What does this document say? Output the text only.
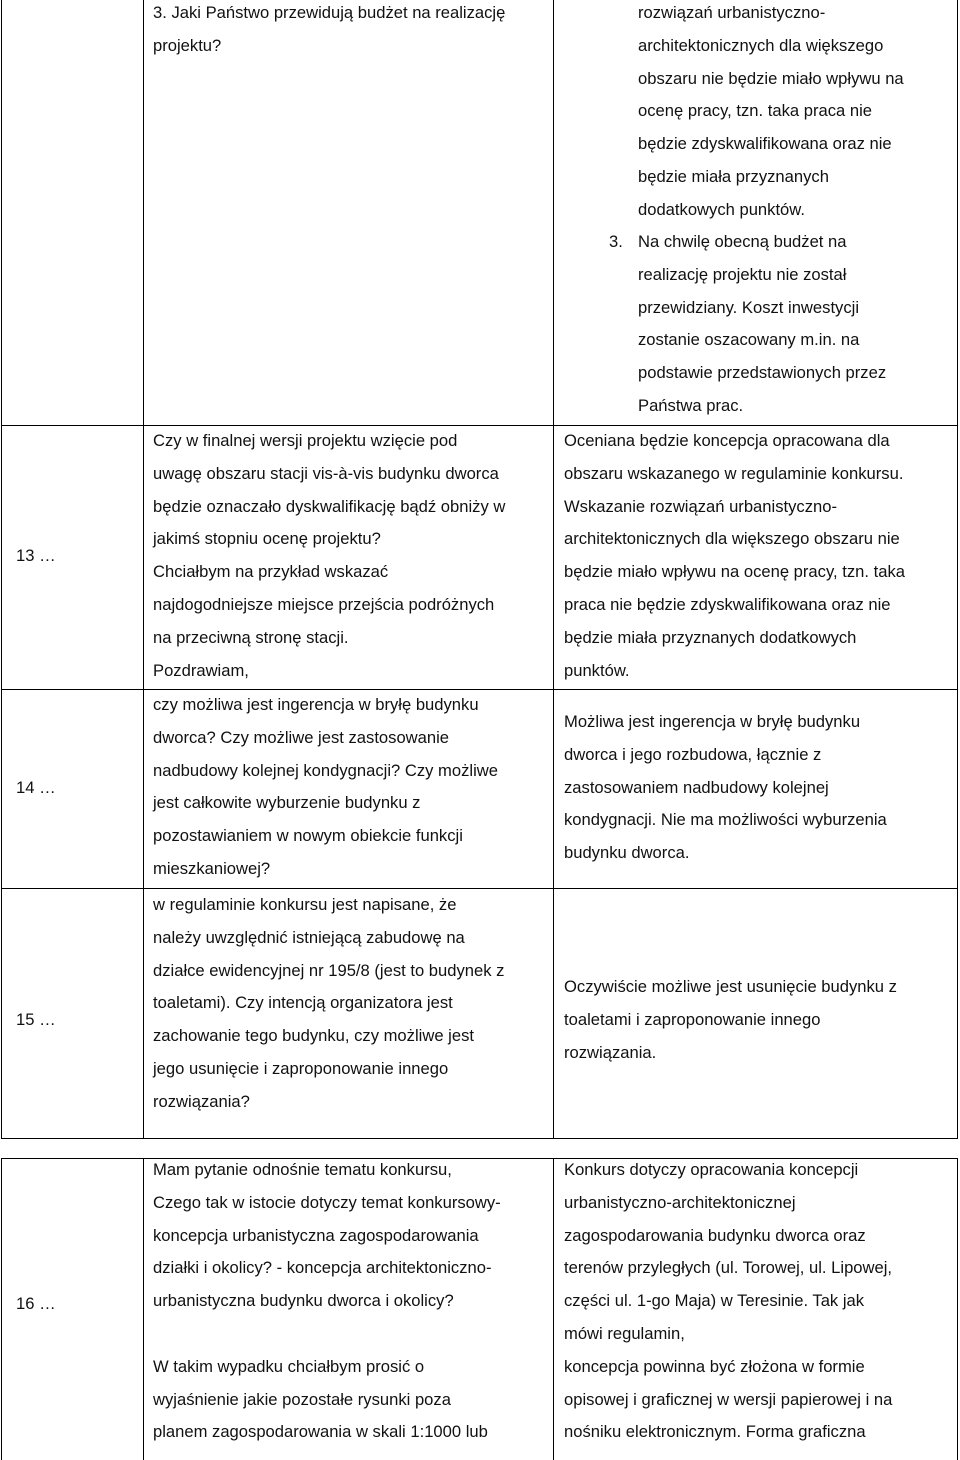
3. Jaki Państwo przewidują budżet na realizację
projektu?

rozwiązań urbanistyczno-
architektonicznych dla większego
obszaru nie będzie miało wpływu na
ocenę pracy, tzn. taka praca nie
będzie zdyskwalifikowana oraz nie
będzie miała przyznanych
dodatkowych punktów.

3. Na chwilę obecną budżet na
realizację projektu nie został
przewidziany. Koszt inwestycji
zostanie oszacowany m.in. na
podstawie przedstawionych przez
Państwa prac.

13 …

Czy w finalnej wersji projektu wzięcie pod
uwagę obszaru stacji vis-à-vis budynku dworca
będzie oznaczało dyskwalifikację bądź obniży w
jakimś stopniu ocenę projektu?
Chciałbym na przykład wskazać
najdogodniejsze miejsce przejścia podróżnych
na przeciwną stronę stacji.
Pozdrawiam,

Oceniana będzie koncepcja opracowana dla
obszaru wskazanego w regulaminie konkursu.
Wskazanie rozwiązań urbanistyczno-
architektonicznych dla większego obszaru nie
będzie miało wpływu na ocenę pracy, tzn. taka
praca nie będzie zdyskwalifikowana oraz nie
będzie miała przyznanych dodatkowych
punktów.

14 …

czy możliwa jest ingerencja w bryłę budynku
dworca? Czy możliwe jest zastosowanie
nadbudowy kolejnej kondygnacji? Czy możliwe
jest całkowite wyburzenie budynku z
pozostawianiem w nowym obiekcie funkcji
mieszkaniowej?

Możliwa jest ingerencja w bryłę budynku
dworca i jego rozbudowa, łącznie z
zastosowaniem nadbudowy kolejnej
kondygnacji. Nie ma możliwości wyburzenia
budynku dworca.

15 …

w regulaminie konkursu jest napisane, że
należy uwzględnić istniejącą zabudowę na
działce ewidencyjnej nr 195/8 (jest to budynek z
toaletami). Czy intencją organizatora jest
zachowanie tego budynku, czy możliwe jest
jego usunięcie i zaproponowanie innego
rozwiązania?

Oczywiście możliwe jest usunięcie budynku z
toaletami i zaproponowanie innego
rozwiązania.

16 …

Mam pytanie odnośnie tematu konkursu,
Czego tak w istocie dotyczy temat konkursowy-
koncepcja urbanistyczna zagospodarowania
działki i okolicy? - koncepcja architektoniczno-
urbanistyczna budynku dworca i okolicy?

W takim wypadku chciałbym prosić o
wyjaśnienie jakie pozostałe rysunki poza
planem zagospodarowania w skali 1:1000 lub

Konkurs dotyczy opracowania koncepcji
urbanistyczno-architektonicznej
zagospodarowania budynku dworca oraz
terenów przyległych (ul. Torowej, ul. Lipowej,
części ul. 1-go Maja) w Teresinie. Tak jak
mówi regulamin,
koncepcja powinna być złożona w formie
opisowej i graficznej w wersji papierowej i na
nośniku elektronicznym. Forma graficzna
